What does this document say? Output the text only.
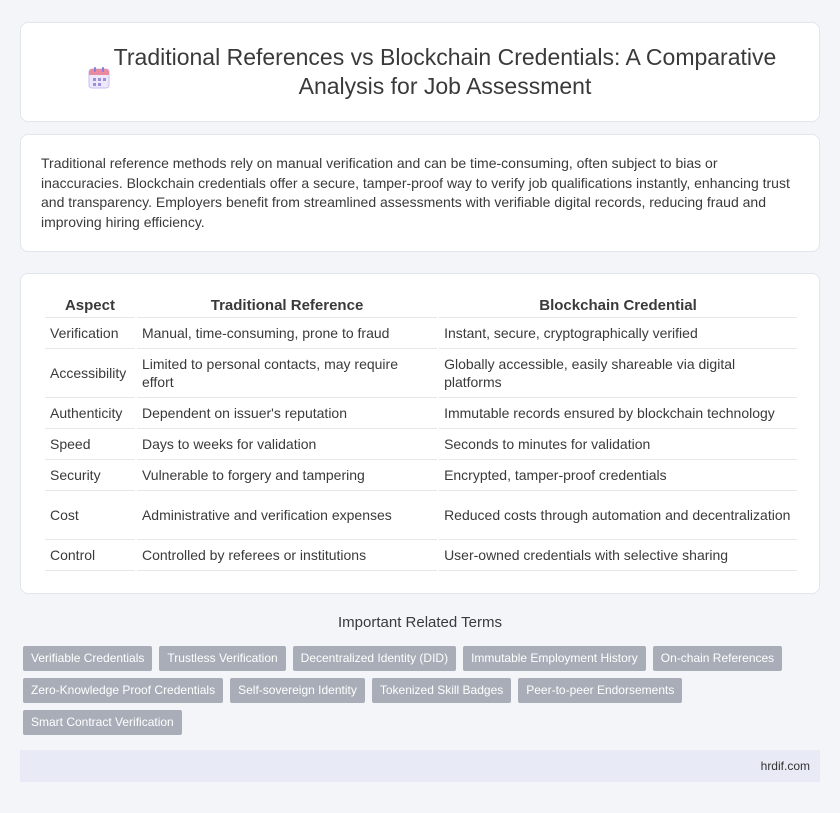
Traditional References vs Blockchain Credentials: A Comparative Analysis for Job Assessment

Traditional reference methods rely on manual verification and can be time-consuming, often subject to bias or inaccuracies. Blockchain credentials offer a secure, tamper-proof way to verify job qualifications instantly, enhancing trust and transparency. Employers benefit from streamlined assessments with verifiable digital records, reducing fraud and improving hiring efficiency.

Aspect	Traditional Reference	Blockchain Credential
Verification	Manual, time-consuming, prone to fraud	Instant, secure, cryptographically verified
Accessibility	Limited to personal contacts, may require effort	Globally accessible, easily shareable via digital platforms
Authenticity	Dependent on issuer's reputation	Immutable records ensured by blockchain technology
Speed	Days to weeks for validation	Seconds to minutes for validation
Security	Vulnerable to forgery and tampering	Encrypted, tamper-proof credentials
Cost	Administrative and verification expenses	Reduced costs through automation and decentralization
Control	Controlled by referees or institutions	User-owned credentials with selective sharing
Important Related Terms
Verifiable Credentials	Trustless Verification	Decentralized Identity (DID)	Immutable Employment History	On-chain References
Zero-Knowledge Proof Credentials	Self-sovereign Identity	Tokenized Skill Badges	Peer-to-peer Endorsements
Smart Contract Verification
hrdif.com
